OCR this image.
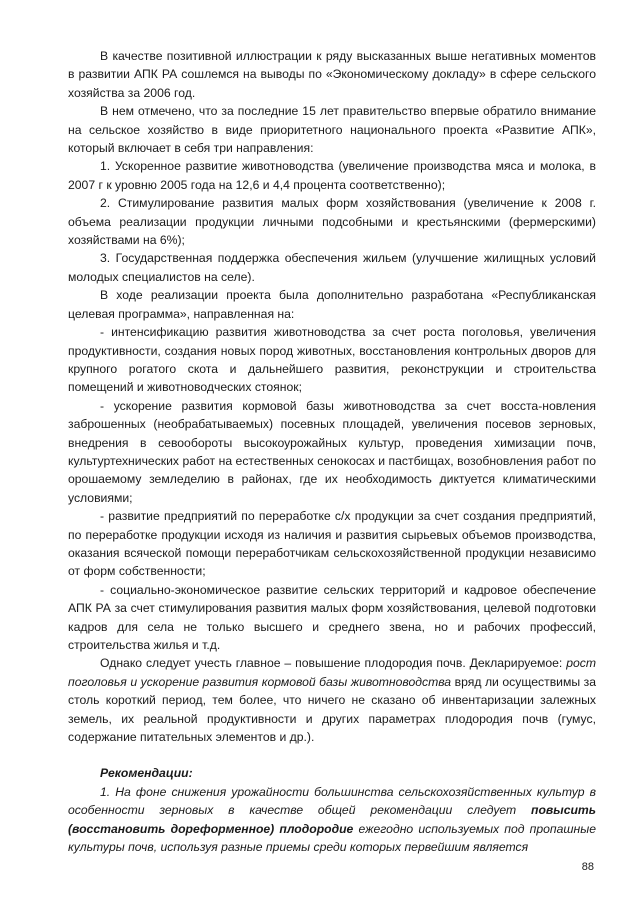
В качестве позитивной иллюстрации к ряду высказанных выше негативных моментов в развитии АПК РА сошлемся на выводы по «Экономическому докладу» в сфере сельского хозяйства за 2006 год.

В нем отмечено, что за последние 15 лет правительство впервые обратило внимание на сельское хозяйство в виде приоритетного национального проекта «Развитие АПК», который включает в себя три направления:

1. Ускоренное развитие животноводства (увеличение производства мяса и молока, в 2007 г к уровню 2005 года на 12,6 и 4,4 процента соответственно);

2. Стимулирование развития малых форм хозяйствования (увеличение к 2008 г. объема реализации продукции личными подсобными и крестьянскими (фермерскими) хозяйствами на 6%);

3. Государственная поддержка обеспечения жильем (улучшение жилищных условий молодых специалистов на селе).

В ходе реализации проекта была дополнительно разработана «Республиканская целевая программа», направленная на:

- интенсификацию развития животноводства за счет роста поголовья, увеличения продуктивности, создания новых пород животных, восстановления контрольных дворов для крупного рогатого скота и дальнейшего развития, реконструкции и строительства помещений и животноводческих стоянок;

- ускорение развития кормовой базы животноводства за счет восста-новления заброшенных (необрабатываемых) посевных площадей, увеличения посевов зерновых, внедрения в севообороты высокоурожайных культур, проведения химизации почв, культуртехнических работ на естественных сенокосах и пастбищах, возобновления работ по орошаемому земледелию в районах, где их необходимость диктуется климатическими условиями;

- развитие предприятий по переработке с/х продукции за счет создания предприятий, по переработке продукции исходя из наличия и развития сырьевых объемов производства, оказания всяческой помощи переработчикам сельскохозяйственной продукции независимо от форм собственности;

- социально-экономическое развитие сельских территорий и кадровое обеспечение АПК РА за счет стимулирования развития малых форм хозяйствования, целевой подготовки кадров для села не только высшего и среднего звена, но и рабочих профессий, строительства жилья и т.д.

Однако следует учесть главное – повышение плодородия почв. Декларируемое: рост поголовья и ускорение развития кормовой базы животноводства вряд ли осуществимы за столь короткий период, тем более, что ничего не сказано об инвентаризации залежных земель, их реальной продуктивности и других параметрах плодородия почв (гумус, содержание питательных элементов и др.).

Рекомендации:

1. На фоне снижения урожайности большинства сельскохозяйственных культур в особенности зерновых в качестве общей рекомендации следует повысить (восстановить дореформенное) плодородие ежегодно используемых под пропашные культуры почв, используя разные приемы среди которых первейшим является

88
